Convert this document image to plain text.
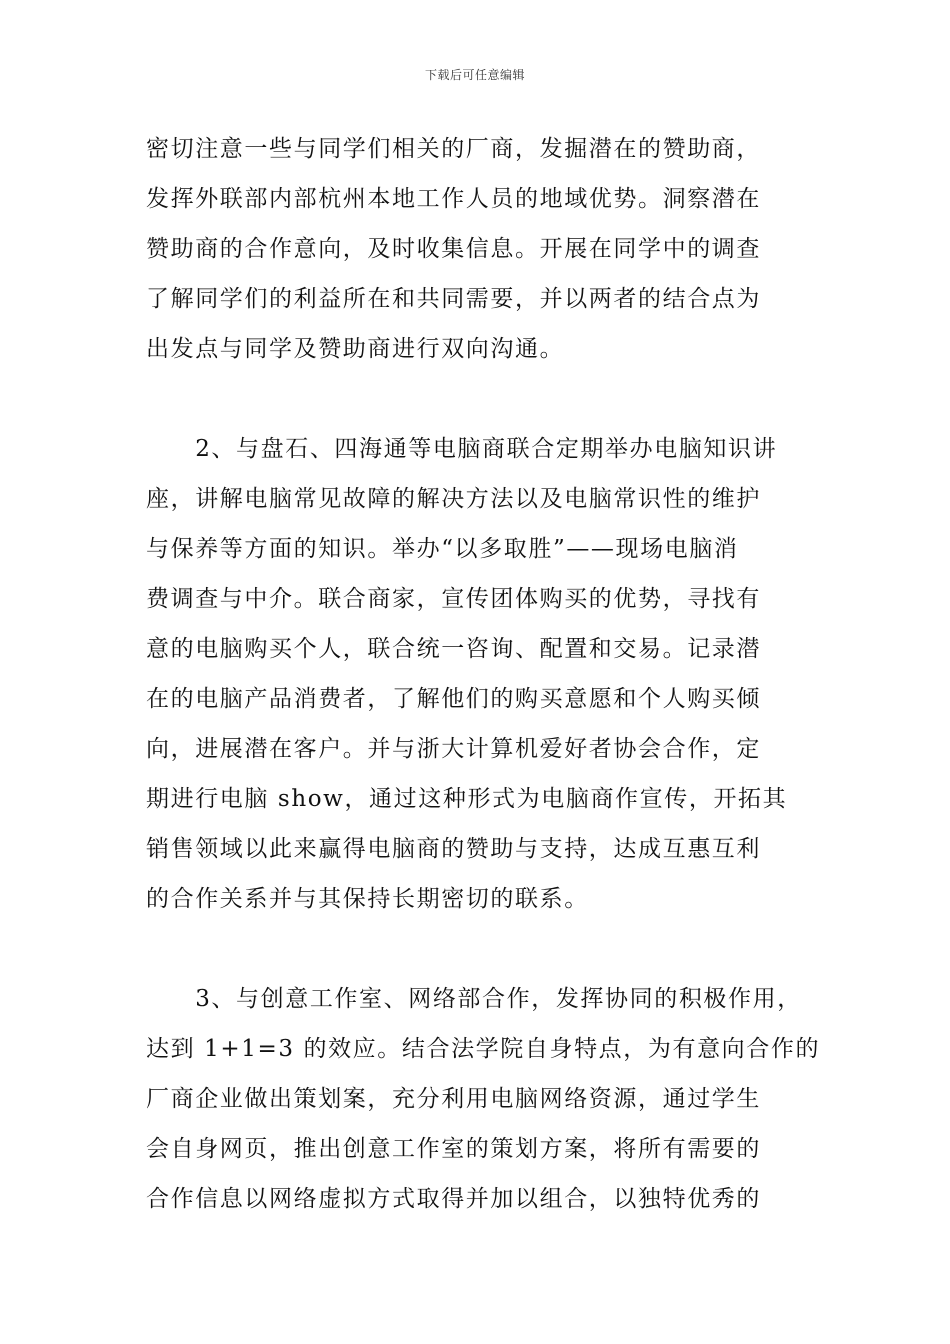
下载后可任意编辑

密切注意一些与同学们相关的厂商，发掘潜在的赞助商，
发挥外联部内部杭州本地工作人员的地域优势。洞察潜在
赞助商的合作意向，及时收集信息。开展在同学中的调查
了解同学们的利益所在和共同需要，并以两者的结合点为
出发点与同学及赞助商进行双向沟通。

　　2、与盘石、四海通等电脑商联合定期举办电脑知识讲
座，讲解电脑常见故障的解决方法以及电脑常识性的维护
与保养等方面的知识。举办“以多取胜”——现场电脑消
费调查与中介。联合商家，宣传团体购买的优势，寻找有
意的电脑购买个人，联合统一咨询、配置和交易。记录潜
在的电脑产品消费者，了解他们的购买意愿和个人购买倾
向，进展潜在客户。并与浙大计算机爱好者协会合作，定
期进行电脑 show，通过这种形式为电脑商作宣传，开拓其
销售领域以此来赢得电脑商的赞助与支持，达成互惠互利
的合作关系并与其保持长期密切的联系。

　　3、与创意工作室、网络部合作，发挥协同的积极作用，
达到 1+1=3 的效应。结合法学院自身特点，为有意向合作的
厂商企业做出策划案，充分利用电脑网络资源，通过学生
会自身网页，推出创意工作室的策划方案，将所有需要的
合作信息以网络虚拟方式取得并加以组合，以独特优秀的
